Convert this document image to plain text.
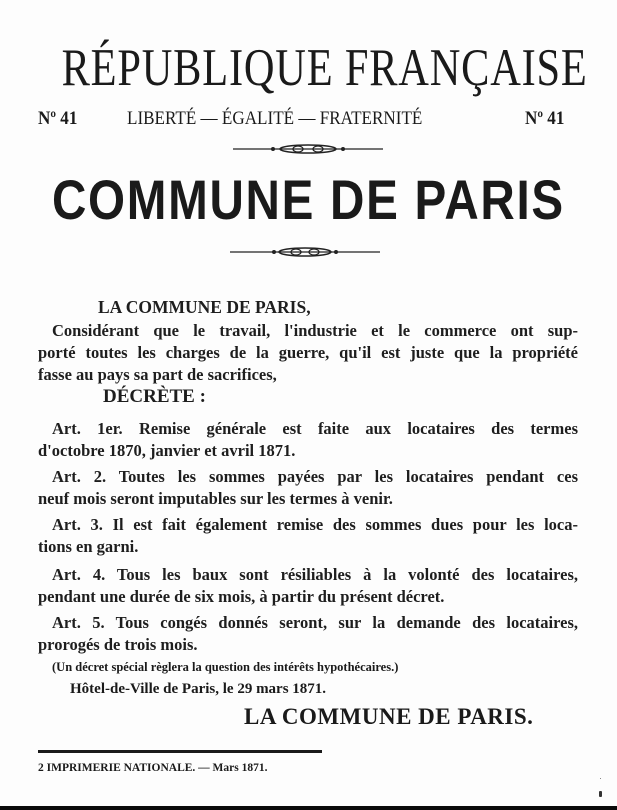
RÉPUBLIQUE FRANÇAISE
Nº 41	LIBERTÉ — ÉGALITÉ — FRATERNITÉ	Nº 41
COMMUNE DE PARIS
LA COMMUNE DE PARIS,
Considérant que le travail, l'industrie et le commerce ont sup-
porté toutes les charges de la guerre, qu'il est juste que la propriété
fasse au pays sa part de sacrifices,
DÉCRÈTE :
Art. 1er. Remise générale est faite aux locataires des termes
d'octobre 1870, janvier et avril 1871.
Art. 2. Toutes les sommes payées par les locataires pendant ces
neuf mois seront imputables sur les termes à venir.
Art. 3. Il est fait également remise des sommes dues pour les loca-
tions en garni.
Art. 4. Tous les baux sont résiliables à la volonté des locataires,
pendant une durée de six mois, à partir du présent décret.
Art. 5. Tous congés donnés seront, sur la demande des locataires,
prorogés de trois mois.
(Un décret spécial règlera la question des intérêts hypothécaires.)
Hôtel-de-Ville de Paris, le 29 mars 1871.
LA COMMUNE DE PARIS.
2 IMPRIMERIE NATIONALE. — Mars 1871.
